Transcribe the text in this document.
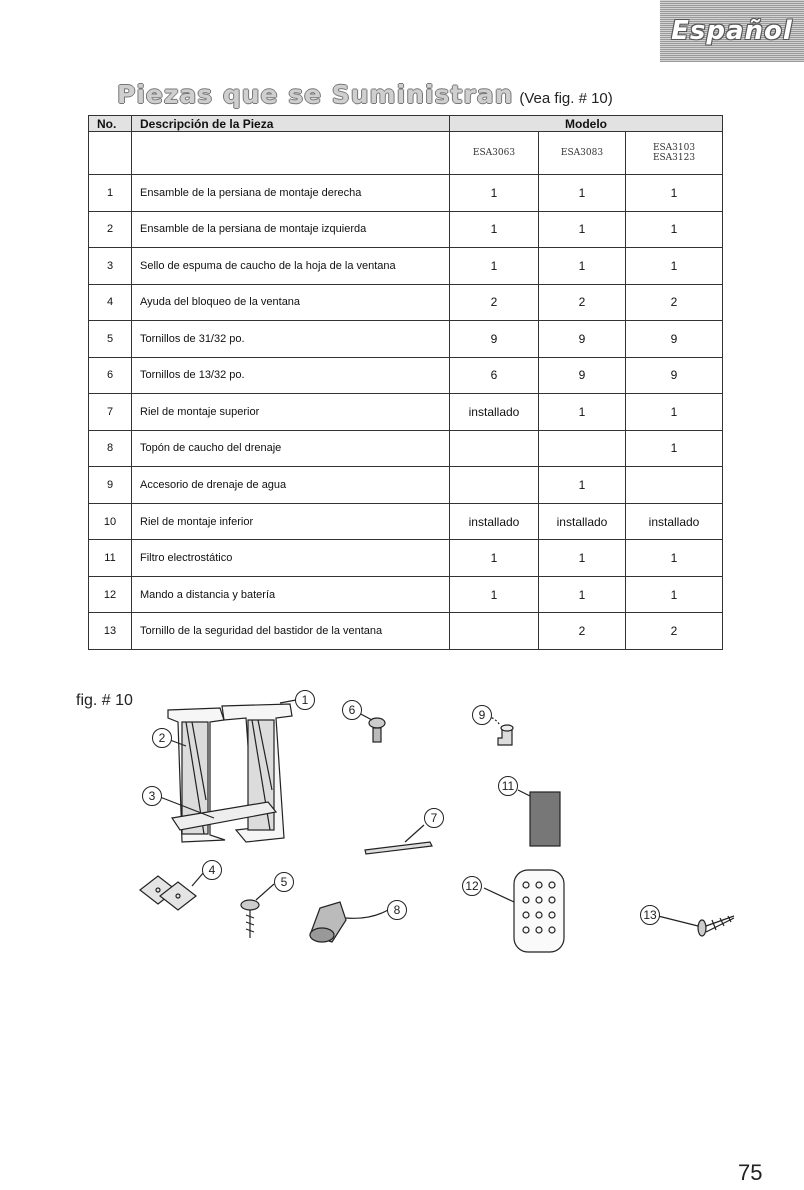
Español
Piezas que se Suministran (Vea fig. # 10)
No.	Descripción de la Pieza	Modelo		
		ESA3063	ESA3083	ESA3103
ESA3123

1	Ensamble de la persiana de montaje derecha	1	1	1
2	Ensamble de la persiana de montaje izquierda	1	1	1
3	Sello de espuma de caucho de la hoja de la ventana	1	1	1
4	Ayuda del bloqueo de la ventana	2	2	2
5	Tornillos de 31/32 po.	9	9	9
6	Tornillos de 13/32 po.	6	9	9
7	Riel de montaje superior	installado	1	1
8	Topón de caucho del drenaje			1
9	Accesorio de drenaje de agua		1	
10	Riel de montaje inferior	installado	installado	installado
11	Filtro electrostático	1	1	1
12	Mando a distancia y batería	1	1	1
13	Tornillo de la seguridad del bastidor de la ventana		2	2
fig. # 10	1
2
3
4
5
6
7
8
9
11
12
13
75
